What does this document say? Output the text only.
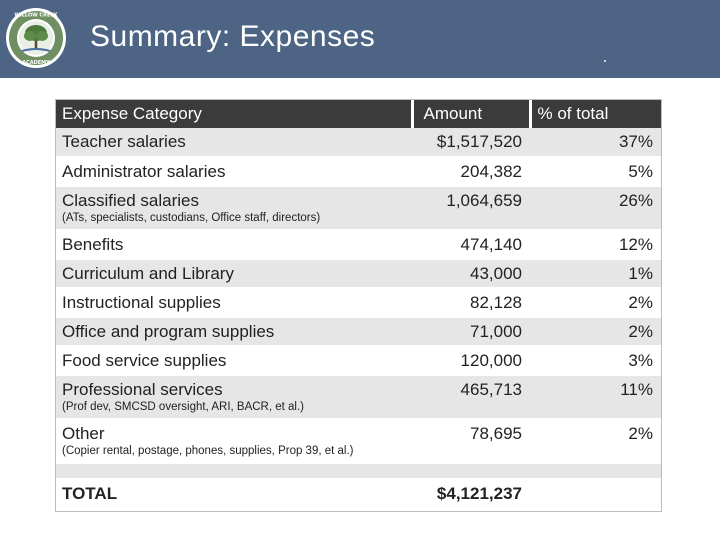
WILLOW CREEK
ACADEMY
Summary: Expenses
Expense Category	Amount	% of total

Teacher salaries	$1,517,520	37%

Administrator salaries	204,382	5%

Classified salaries
(ATs, specialists, custodians, Office staff, directors)	1,064,659	26%

Benefits	474,140	12%

Curriculum and Library	43,000	1%

Instructional supplies	82,128	2%

Office and program supplies	71,000	2%

Food service supplies	120,000	3%

Professional services
(Prof dev, SMCSD oversight, ARI, BACR, et al.)	465,713	11%

Other
(Copier rental, postage, phones, supplies, Prop 39, et al.)	78,695	2%

TOTAL	$4,121,237	
